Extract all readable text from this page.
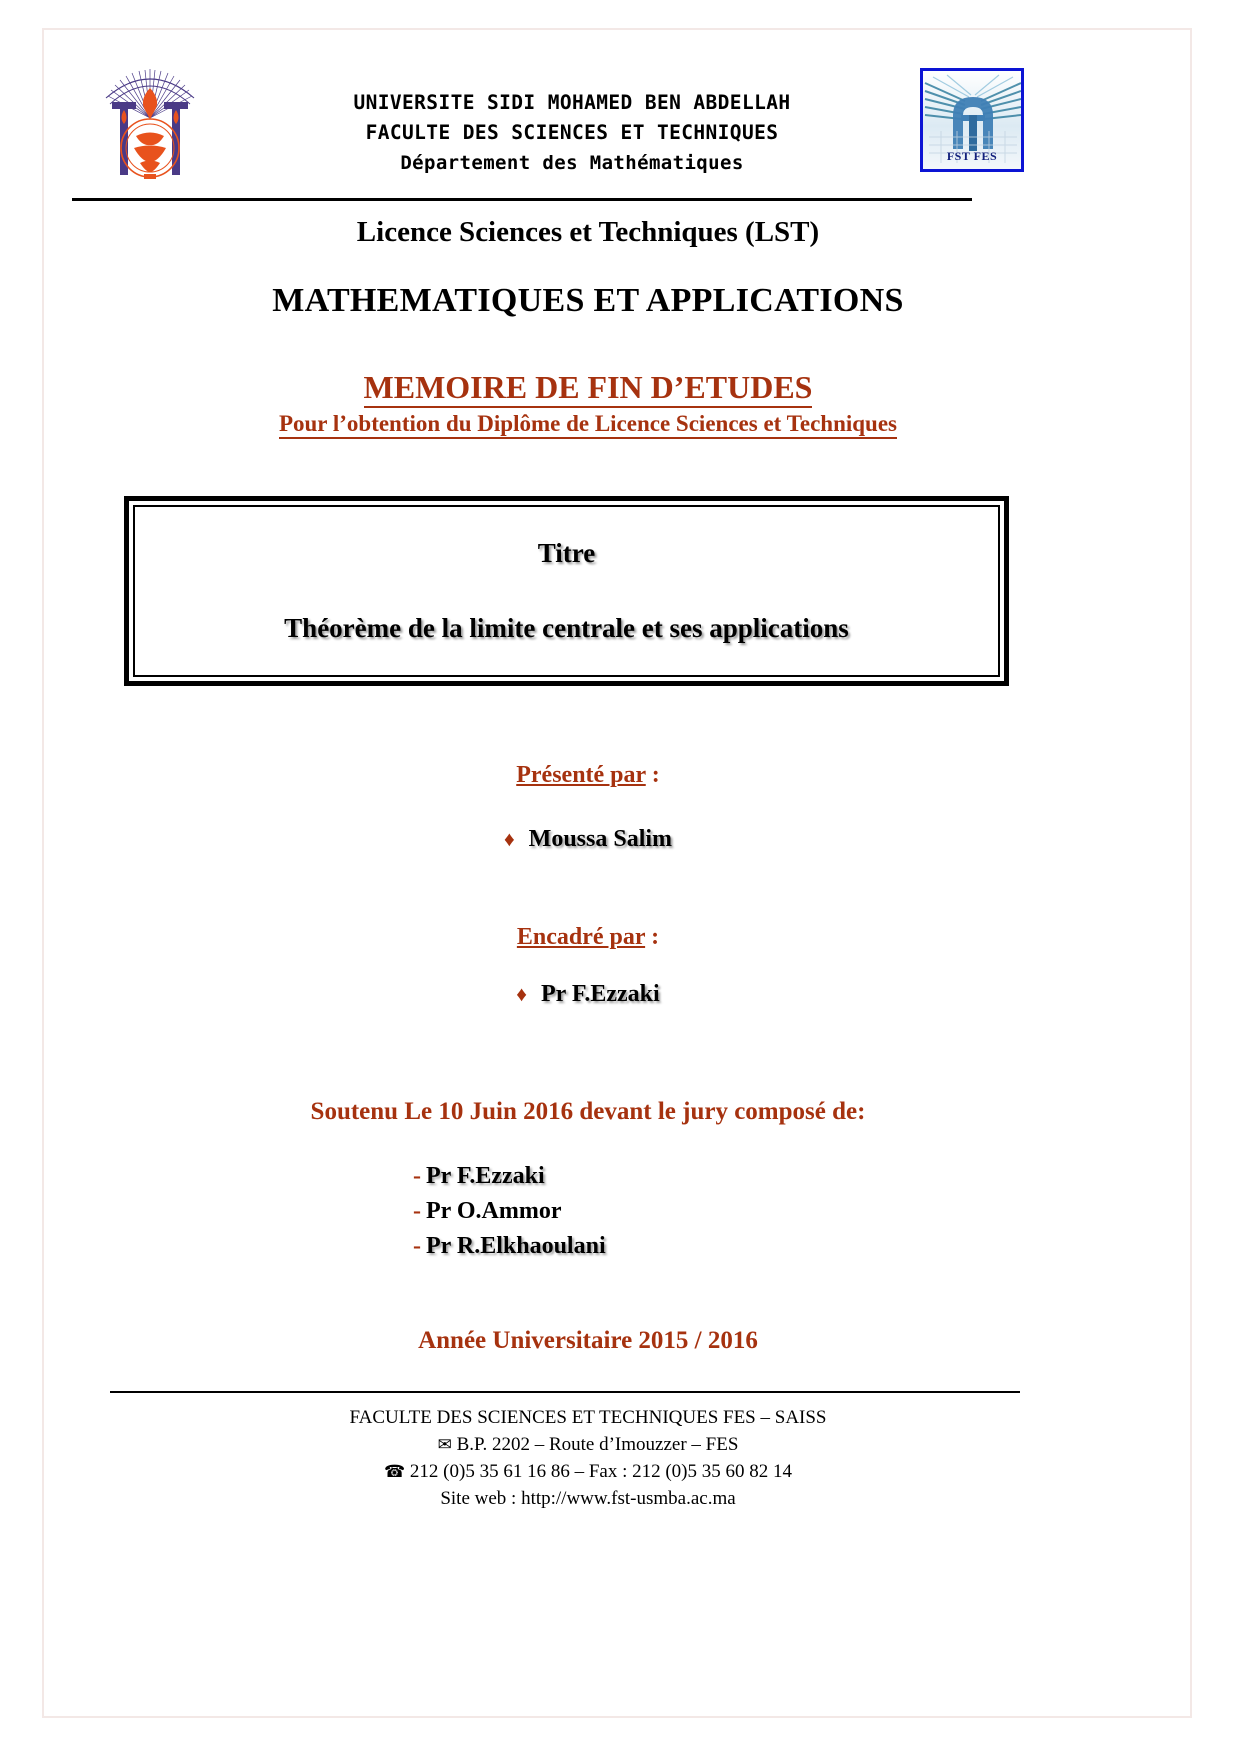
UNIVERSITE SIDI MOHAMED BEN ABDELLAH
FACULTE DES SCIENCES ET TECHNIQUES
Département des Mathématiques	FST FES
Licence Sciences et Techniques (LST)
MATHEMATIQUES ET APPLICATIONS
MEMOIRE DE FIN D’ETUDES
Pour l’obtention du Diplôme de Licence Sciences et Techniques
Titre
Théorème de la limite centrale et ses applications
Présenté par :
♦ Moussa Salim
Encadré par :
♦ Pr F.Ezzaki
Soutenu Le 10 Juin 2016 devant le jury composé de:
- Pr F.Ezzaki
- Pr O.Ammor
- Pr R.Elkhaoulani
Année Universitaire 2015 / 2016
FACULTE DES SCIENCES ET TECHNIQUES FES – SAISS
✉ B.P. 2202 – Route d’Imouzzer – FES
☎ 212 (0)5 35 61 16 86 – Fax : 212 (0)5 35 60 82 14
Site web : http://www.fst-usmba.ac.ma
